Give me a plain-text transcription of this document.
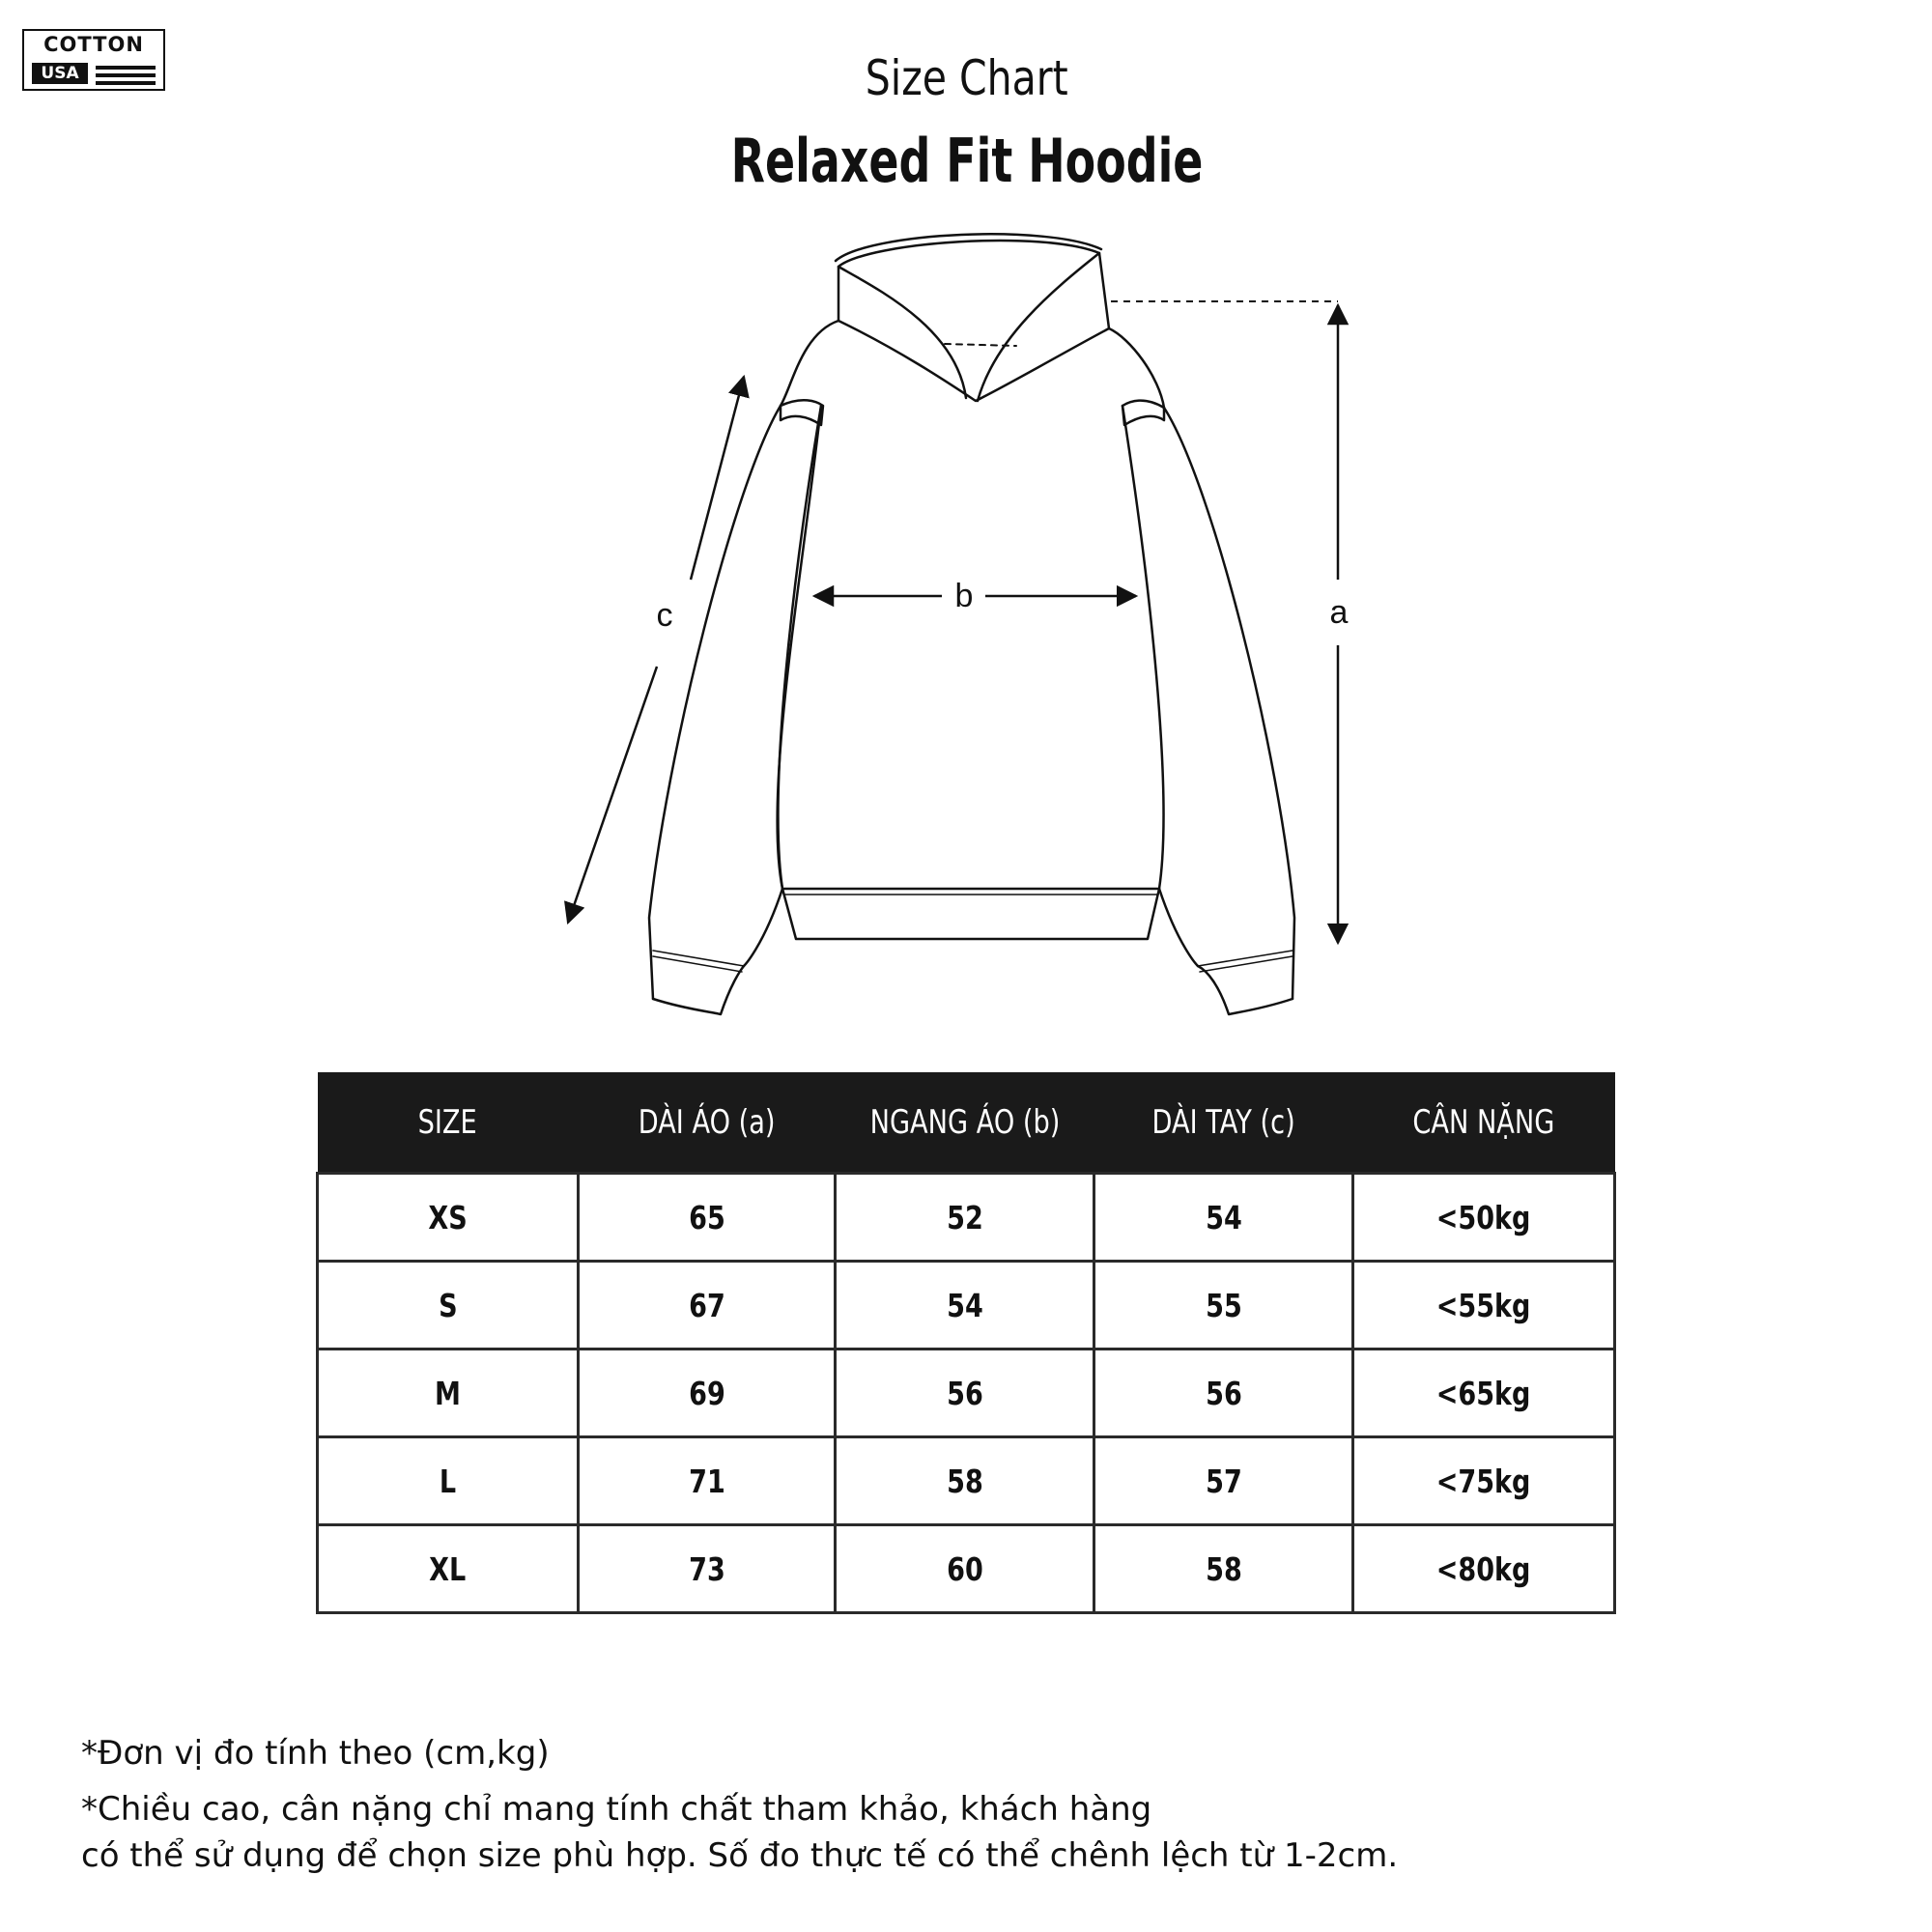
COTTON
USA	Size Chart
Relaxed Fit Hoodie
a
b
c
SIZE	DÀI ÁO (a)	NGANG ÁO (b)	DÀI TAY (c)	CÂN NẶNG
XS	65	52	54	<50kg
S	67	54	55	<55kg
M	69	56	56	<65kg
L	71	58	57	<75kg
XL	73	60	58	<80kg
*Đơn vị đo tính theo (cm,kg)
*Chiều cao, cân nặng chỉ mang tính chất tham khảo, khách hàng
có thể sử dụng để chọn size phù hợp. Số đo thực tế có thể chênh lệch từ 1-2cm.
